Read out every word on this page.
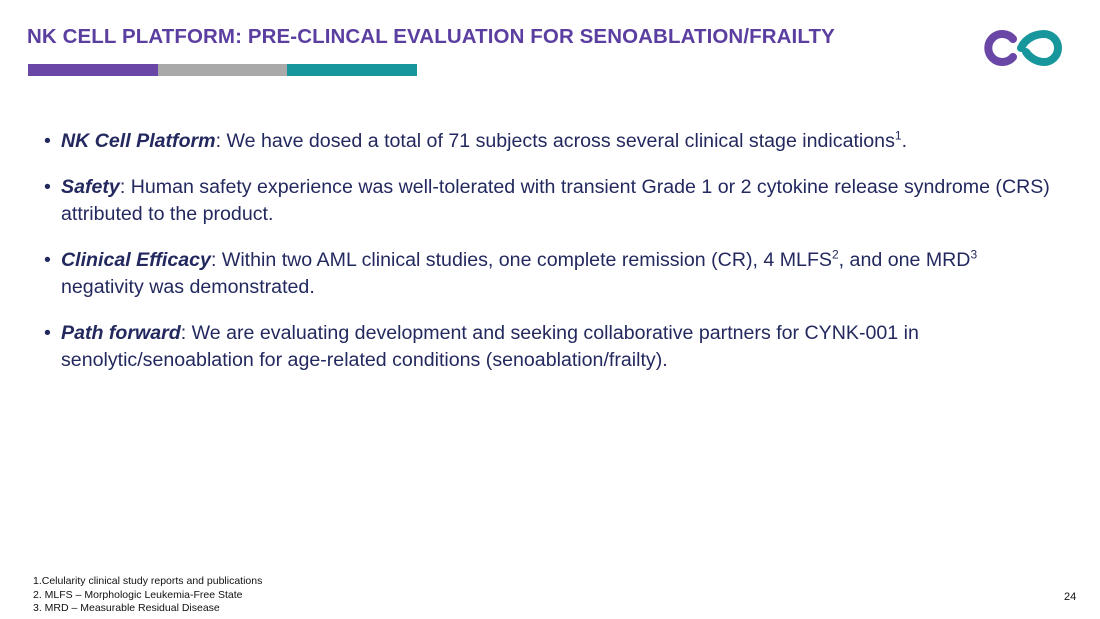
NK CELL PLATFORM: PRE-CLINCAL EVALUATION FOR SENOABLATION/FRAILTY
• NK Cell Platform: We have dosed a total of 71 subjects across several clinical stage indications$^1$.
• Safety: Human safety experience was well-tolerated with transient Grade 1 or 2 cytokine release syndrome (CRS) attributed to the product.
• Clinical Efficacy: Within two AML clinical studies, one complete remission (CR), 4 MLFS$^2$, and one MRD$^3$ negativity was demonstrated.
• Path forward: We are evaluating development and seeking collaborative partners for CYNK-001 in senolytic/senoablation for age-related conditions (senoablation/frailty).
1.Celularity clinical study reports and publications
2. MLFS – Morphologic Leukemia-Free State
3. MRD – Measurable Residual Disease
24
